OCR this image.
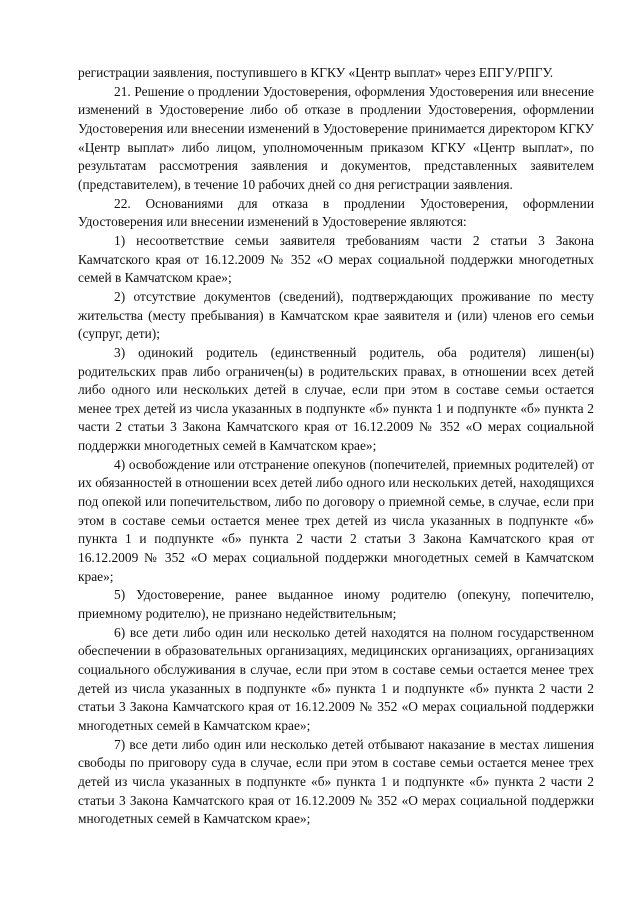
регистрации заявления, поступившего в КГКУ «Центр выплат» через ЕПГУ/РПГУ.

21. Решение о продлении Удостоверения, оформления Удостоверения или внесение изменений в Удостоверение либо об отказе в продлении Удостоверения, оформлении Удостоверения или внесении изменений в Удостоверение принимается директором КГКУ «Центр выплат» либо лицом, уполномоченным приказом КГКУ «Центр выплат», по результатам рассмотрения заявления и документов, представленных заявителем (представителем), в течение 10 рабочих дней со дня регистрации заявления.

22. Основаниями для отказа в продлении Удостоверения, оформлении Удостоверения или внесении изменений в Удостоверение являются:

1) несоответствие семьи заявителя требованиям части 2 статьи 3 Закона Камчатского края от 16.12.2009 № 352 «О мерах социальной поддержки многодетных семей в Камчатском крае»;

2) отсутствие документов (сведений), подтверждающих проживание по месту жительства (месту пребывания) в Камчатском крае заявителя и (или) членов его семьи (супруг, дети);

3) одинокий родитель (единственный родитель, оба родителя) лишен(ы) родительских прав либо ограничен(ы) в родительских правах, в отношении всех детей либо одного или нескольких детей в случае, если при этом в составе семьи остается менее трех детей из числа указанных в подпункте «б» пункта 1 и подпункте «б» пункта 2 части 2 статьи 3 Закона Камчатского края от 16.12.2009 № 352 «О мерах социальной поддержки многодетных семей в Камчатском крае»;

4) освобождение или отстранение опекунов (попечителей, приемных родителей) от их обязанностей в отношении всех детей либо одного или нескольких детей, находящихся под опекой или попечительством, либо по договору о приемной семье, в случае, если при этом в составе семьи остается менее трех детей из числа указанных в подпункте «б» пункта 1 и подпункте «б» пункта 2 части 2 статьи 3 Закона Камчатского края от 16.12.2009 № 352 «О мерах социальной поддержки многодетных семей в Камчатском крае»;

5) Удостоверение, ранее выданное иному родителю (опекуну, попечителю, приемному родителю), не признано недействительным;

6) все дети либо один или несколько детей находятся на полном государственном обеспечении в образовательных организациях, медицинских организациях, организациях социального обслуживания в случае, если при этом в составе семьи остается менее трех детей из числа указанных в подпункте «б» пункта 1 и подпункте «б» пункта 2 части 2 статьи 3 Закона Камчатского края от 16.12.2009 № 352 «О мерах социальной поддержки многодетных семей в Камчатском крае»;

7) все дети либо один или несколько детей отбывают наказание в местах лишения свободы по приговору суда в случае, если при этом в составе семьи остается менее трех детей из числа указанных в подпункте «б» пункта 1 и подпункте «б» пункта 2 части 2 статьи 3 Закона Камчатского края от 16.12.2009 № 352 «О мерах социальной поддержки многодетных семей в Камчатском крае»;
